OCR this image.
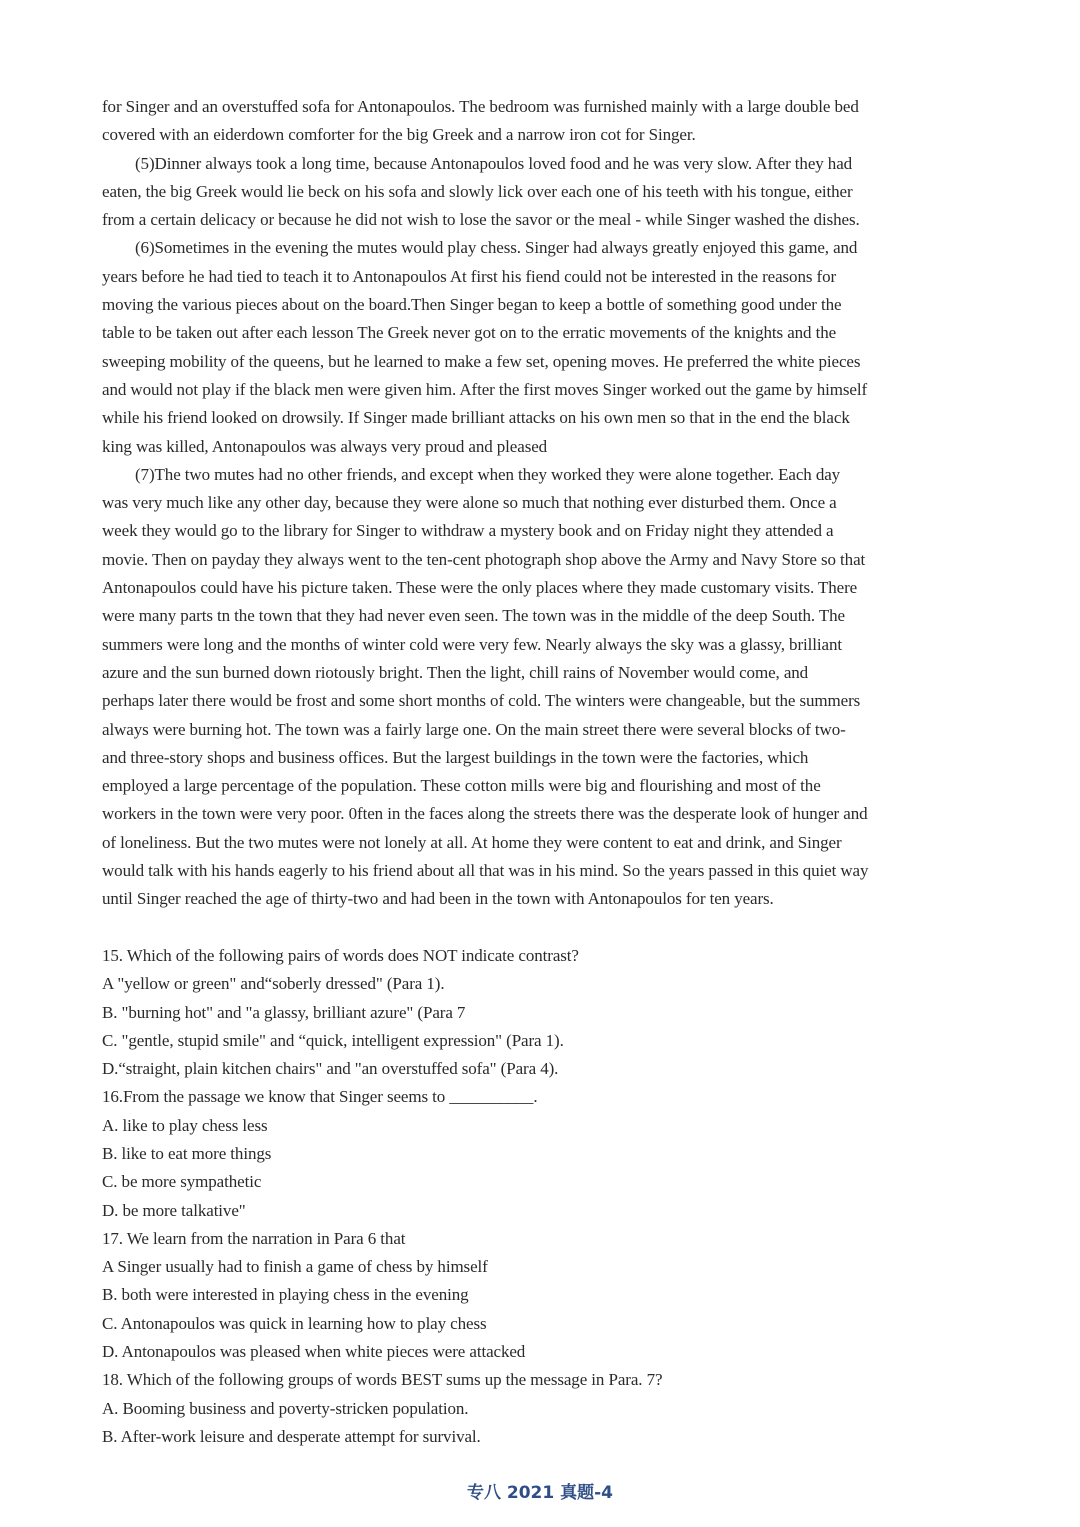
for Singer and an overstuffed sofa for Antonapoulos. The bedroom was furnished mainly with a large double bed
covered with an eiderdown comforter for the big Greek and a narrow iron cot for Singer.
(5)Dinner always took a long time, because Antonapoulos loved food and he was very slow. After they had
eaten, the big Greek would lie beck on his sofa and slowly lick over each one of his teeth with his tongue, either
from a certain delicacy or because he did not wish to lose the savor or the meal - while Singer washed the dishes.
(6)Sometimes in the evening the mutes would play chess. Singer had always greatly enjoyed this game, and
years before he had tied to teach it to Antonapoulos At first his fiend could not be interested in the reasons for
moving the various pieces about on the board.Then Singer began to keep a bottle of something good under the
table to be taken out after each lesson The Greek never got on to the erratic movements of the knights and the
sweeping mobility of the queens, but he learned to make a few set, opening moves. He preferred the white pieces
and would not play if the black men were given him. After the first moves Singer worked out the game by himself
while his friend looked on drowsily. If Singer made brilliant attacks on his own men so that in the end the black
king was killed, Antonapoulos was always very proud and pleased
(7)The two mutes had no other friends, and except when they worked they were alone together. Each day
was very much like any other day, because they were alone so much that nothing ever disturbed them. Once a
week they would go to the library for Singer to withdraw a mystery book and on Friday night they attended a
movie. Then on payday they always went to the ten-cent photograph shop above the Army and Navy Store so that
Antonapoulos could have his picture taken. These were the only places where they made customary visits. There
were many parts tn the town that they had never even seen. The town was in the middle of the deep South. The
summers were long and the months of winter cold were very few. Nearly always the sky was a glassy, brilliant
azure and the sun burned down riotously bright. Then the light, chill rains of November would come, and
perhaps later there would be frost and some short months of cold. The winters were changeable, but the summers
always were burning hot. The town was a fairly large one. On the main street there were several blocks of two-
and three-story shops and business offices. But the largest buildings in the town were the factories, which
employed a large percentage of the population. These cotton mills were big and flourishing and most of the
workers in the town were very poor. 0ften in the faces along the streets there was the desperate look of hunger and
of loneliness. But the two mutes were not lonely at all. At home they were content to eat and drink, and Singer
would talk with his hands eagerly to his friend about all that was in his mind. So the years passed in this quiet way
until Singer reached the age of thirty-two and had been in the town with Antonapoulos for ten years.
15. Which of the following pairs of words does NOT indicate contrast?
A "yellow or green" and“soberly dressed" (Para 1).
B. "burning hot" and "a glassy, brilliant azure" (Para 7
C. "gentle, stupid smile" and “quick, intelligent expression" (Para 1).
D.“straight, plain kitchen chairs" and "an overstuffed sofa" (Para 4).
16.From the passage we know that Singer seems to __________.
A. like to play chess less
B. like to eat more things
C. be more sympathetic
D. be more talkative"
17. We learn from the narration in Para 6 that
A Singer usually had to finish a game of chess by himself
B. both were interested in playing chess in the evening
C. Antonapoulos was quick in learning how to play chess
D. Antonapoulos was pleased when white pieces were attacked
18. Which of the following groups of words BEST sums up the message in Para. 7?
A. Booming business and poverty-stricken population.
B. After-work leisure and desperate attempt for survival.
专八 2021 真题-4
